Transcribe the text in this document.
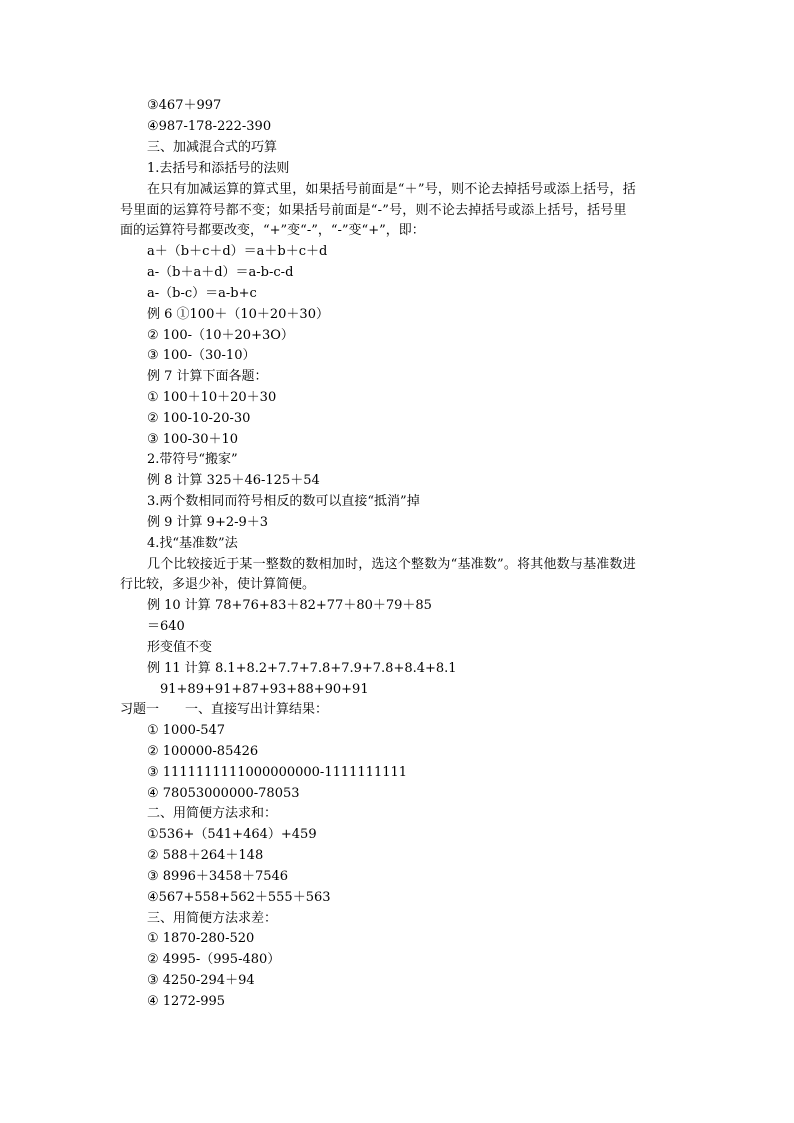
③467＋997
④987-178-222-390
三、加减混合式的巧算
1.去括号和添括号的法则
在只有加减运算的算式里，如果括号前面是“＋”号，则不论去掉括号或添上括号，括
号里面的运算符号都不变；如果括号前面是“-”号，则不论去掉括号或添上括号，括号里
面的运算符号都要改变，“+”变“-”，“-”变“+”，即：
a＋（b＋c＋d）＝a＋b＋c＋d
a-（b＋a＋d）＝a-b-c-d
a-（b-c）＝a-b+c
例 6 ①100＋（10＋20＋30）
② 100-（10＋20+3O）
③ 100-（30-10）
例 7 计算下面各题：
① 100＋10＋20＋30
② 100-10-20-30
③ 100-30＋10
2.带符号“搬家”
例 8 计算 325＋46-125＋54
3.两个数相同而符号相反的数可以直接“抵消”掉
例 9 计算 9+2-9＋3
4.找“基准数”法
几个比较接近于某一整数的数相加时，选这个整数为“基准数”。将其他数与基准数进
行比较，多退少补，使计算简便。
例 10 计算 78+76+83＋82+77＋80＋79＋85
＝640
形变值不变
例 11 计算 8.1+8.2+7.7+7.8+7.9+7.8+8.4+8.1
91+89+91+87+93+88+90+91
习题一　　一、直接写出计算结果：
① 1000-547
② 100000-85426
③ 1111111111000000000-1111111111
④ 78053000000-78053
二、用简便方法求和：
①536+（541+464）+459
② 588＋264＋148
③ 8996＋3458＋7546
④567+558+562＋555＋563
三、用简便方法求差：
① 1870-280-520
② 4995-（995-480）
③ 4250-294＋94
④ 1272-995
